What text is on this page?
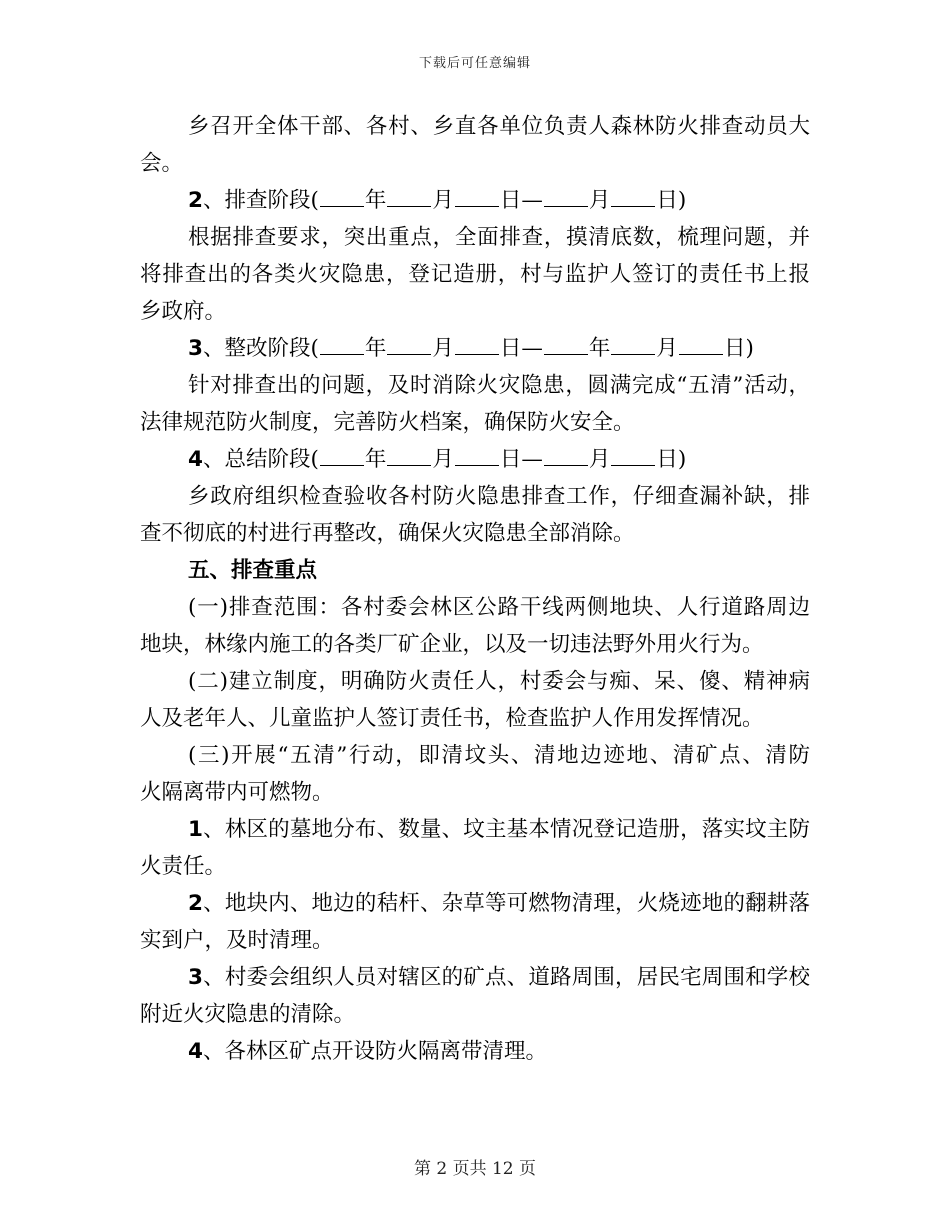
下载后可任意编辑
乡召开全体干部、各村、乡直各单位负责人森林防火排查动员大
会。
2、排查阶段( 年 月 日— 月 日)
根据排查要求，突出重点，全面排查，摸清底数，梳理问题，并
将排查出的各类火灾隐患，登记造册，村与监护人签订的责任书上报
乡政府。
3、整改阶段( 年 月 日— 年 月 日)
针对排查出的问题，及时消除火灾隐患，圆满完成“五清”活动，
法律规范防火制度，完善防火档案，确保防火安全。
4、总结阶段( 年 月 日— 月 日)
乡政府组织检查验收各村防火隐患排查工作，仔细查漏补缺，排
查不彻底的村进行再整改，确保火灾隐患全部消除。
五、排查重点
(一)排查范围：各村委会林区公路干线两侧地块、人行道路周边
地块，林缘内施工的各类厂矿企业，以及一切违法野外用火行为。
(二)建立制度，明确防火责任人，村委会与痴、呆、傻、精神病
人及老年人、儿童监护人签订责任书，检查监护人作用发挥情况。
(三)开展“五清”行动，即清坟头、清地边迹地、清矿点、清防
火隔离带内可燃物。
1、林区的墓地分布、数量、坟主基本情况登记造册，落实坟主防
火责任。
2、地块内、地边的秸杆、杂草等可燃物清理，火烧迹地的翻耕落
实到户，及时清理。
3、村委会组织人员对辖区的矿点、道路周围，居民宅周围和学校
附近火灾隐患的清除。
4、各林区矿点开设防火隔离带清理。
第 2 页共 12 页
